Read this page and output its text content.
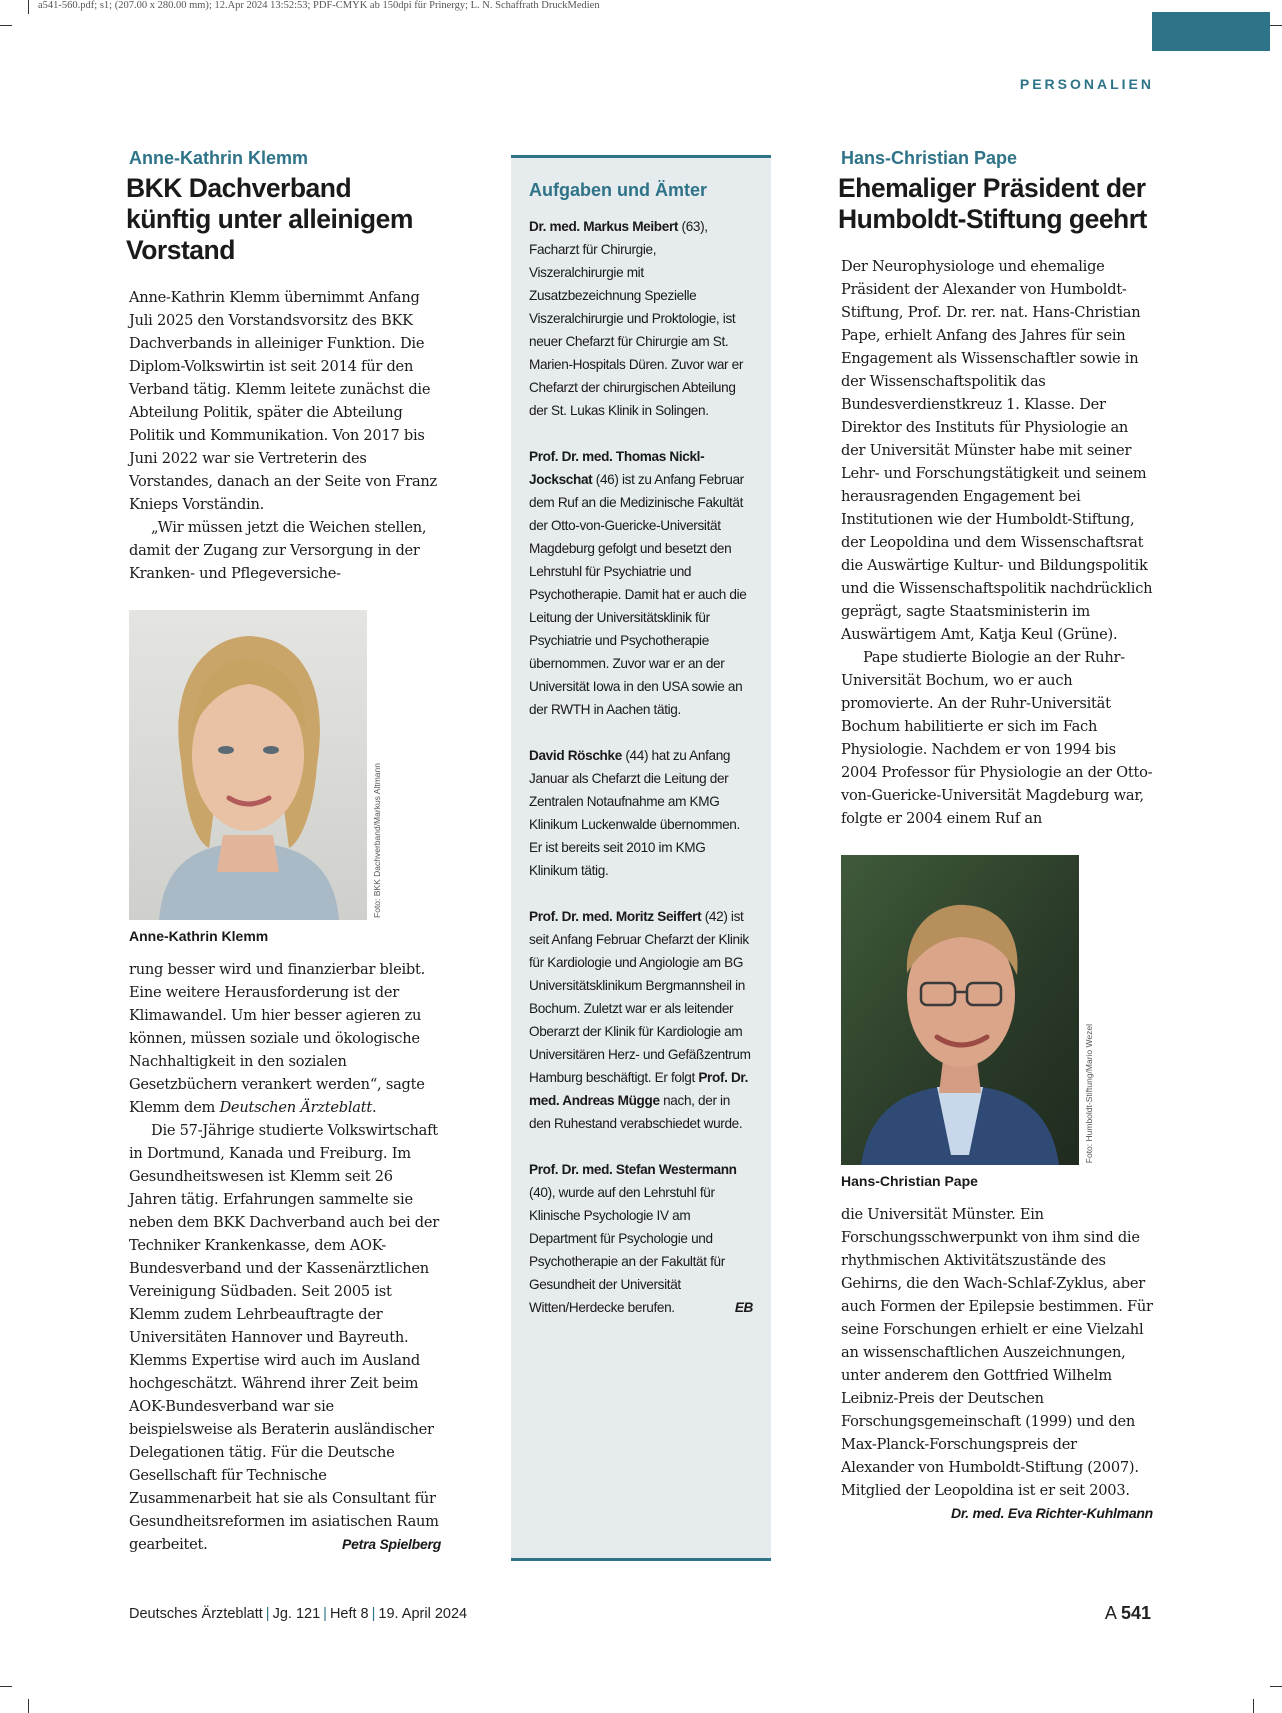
a541-560.pdf; s1; (207.00 x 280.00 mm); 12.Apr 2024 13:52:53; PDF-CMYK ab 150dpi für Prinergy; L. N. Schaffrath DruckMedien
PERSONALIEN
Anne-Kathrin Klemm
BKK Dachverband künftig unter alleinigem Vorstand

Anne-Kathrin Klemm übernimmt Anfang Juli 2025 den Vorstandsvorsitz des BKK Dachverbands in alleiniger Funktion. Die Diplom-Volkswirtin ist seit 2014 für den Verband tätig. Klemm leitete zunächst die Abteilung Politik, später die Abteilung Politik und Kommunikation. Von 2017 bis Juni 2022 war sie Vertreterin des Vorstandes, danach an der Seite von Franz Knieps Vorständin.

„Wir müssen jetzt die Weichen stellen, damit der Zugang zur Versorgung in der Kranken- und Pflegeversiche-

Foto: BKK Dachverband/Markus Altmann
Anne-Kathrin Klemm

rung besser wird und finanzierbar bleibt. Eine weitere Herausforderung ist der Klimawandel. Um hier besser agieren zu können, müssen soziale und ökologische Nachhaltigkeit in den sozialen Gesetzbüchern verankert werden“, sagte Klemm dem Deutschen Ärzteblatt.

Die 57-Jährige studierte Volkswirtschaft in Dortmund, Kanada und Freiburg. Im Gesundheitswesen ist Klemm seit 26 Jahren tätig. Erfahrungen sammelte sie neben dem BKK Dachverband auch bei der Techniker Krankenkasse, dem AOK-Bundesverband und der Kassenärztlichen Vereinigung Südbaden. Seit 2005 ist Klemm zudem Lehrbeauftragte der Universitäten Hannover und Bayreuth. Klemms Expertise wird auch im Ausland hochgeschätzt. Während ihrer Zeit beim AOK-Bundesverband war sie beispielsweise als Beraterin ausländischer Delegationen tätig. Für die Deutsche Gesellschaft für Technische Zusammenarbeit hat sie als Consultant für Gesundheitsreformen im asiatischen Raum gearbeitet.	Petra Spielberg

Aufgaben und Ämter

Dr. med. Markus Meibert (63), Facharzt für Chirurgie, Viszeralchirurgie mit Zusatzbezeichnung Spezielle Viszeralchirurgie und Proktologie, ist neuer Chefarzt für Chirurgie am St. Marien-Hospitals Düren. Zuvor war er Chefarzt der chirurgischen Abteilung der St. Lukas Klinik in Solingen.

Prof. Dr. med. Thomas Nickl-Jockschat (46) ist zu Anfang Februar dem Ruf an die Medizinische Fakultät der Otto-von-Guericke-Universität Magdeburg gefolgt und besetzt den Lehrstuhl für Psychiatrie und Psychotherapie. Damit hat er auch die Leitung der Universitätsklinik für Psychiatrie und Psychotherapie übernommen. Zuvor war er an der Universität Iowa in den USA sowie an der RWTH in Aachen tätig.

David Röschke (44) hat zu Anfang Januar als Chefarzt die Leitung der Zentralen Notaufnahme am KMG Klinikum Luckenwalde übernommen. Er ist bereits seit 2010 im KMG Klinikum tätig.

Prof. Dr. med. Moritz Seiffert (42) ist seit Anfang Februar Chefarzt der Klinik für Kardiologie und Angiologie am BG Universitätsklinikum Bergmannsheil in Bochum. Zuletzt war er als leitender Oberarzt der Klinik für Kardiologie am Universitären Herz- und Gefäßzentrum Hamburg beschäftigt. Er folgt Prof. Dr. med. Andreas Mügge nach, der in den Ruhestand verabschiedet wurde.

Prof. Dr. med. Stefan Westermann (40), wurde auf den Lehrstuhl für Klinische Psychologie IV am Department für Psychologie und Psychotherapie an der Fakultät für Gesundheit der Universität Witten/Herdecke berufen.	EB

Hans-Christian Pape
Ehemaliger Präsident der Humboldt-Stiftung geehrt

Der Neurophysiologe und ehemalige Präsident der Alexander von Humboldt-Stiftung, Prof. Dr. rer. nat. Hans-Christian Pape, erhielt Anfang des Jahres für sein Engagement als Wissenschaftler sowie in der Wissenschaftspolitik das Bundesverdienstkreuz 1. Klasse. Der Direktor des Instituts für Physiologie an der Universität Münster habe mit seiner Lehr- und Forschungstätigkeit und seinem herausragenden Engagement bei Institutionen wie der Humboldt-Stiftung, der Leopoldina und dem Wissenschaftsrat die Auswärtige Kultur- und Bildungspolitik und die Wissenschaftspolitik nachdrücklich geprägt, sagte Staatsministerin im Auswärtigem Amt, Katja Keul (Grüne).

Pape studierte Biologie an der Ruhr-Universität Bochum, wo er auch promovierte. An der Ruhr-Universität Bochum habilitierte er sich im Fach Physiologie. Nachdem er von 1994 bis 2004 Professor für Physiologie an der Otto-von-Guericke-Universität Magdeburg war, folgte er 2004 einem Ruf an

Foto: Humboldt-Stiftung/Mario Wezel
Hans-Christian Pape

die Universität Münster. Ein Forschungsschwerpunkt von ihm sind die rhythmischen Aktivitätszustände des Gehirns, die den Wach-Schlaf-Zyklus, aber auch Formen der Epilepsie bestimmen. Für seine Forschungen erhielt er eine Vielzahl an wissenschaftlichen Auszeichnungen, unter anderem den Gottfried Wilhelm Leibniz-Preis der Deutschen Forschungsgemeinschaft (1999) und den Max-Planck-Forschungspreis der Alexander von Humboldt-Stiftung (2007). Mitglied der Leopoldina ist er seit 2003.
Dr. med. Eva Richter-Kuhlmann

Deutsches Ärzteblatt | Jg. 121 | Heft 8 | 19. April 2024	A 541
